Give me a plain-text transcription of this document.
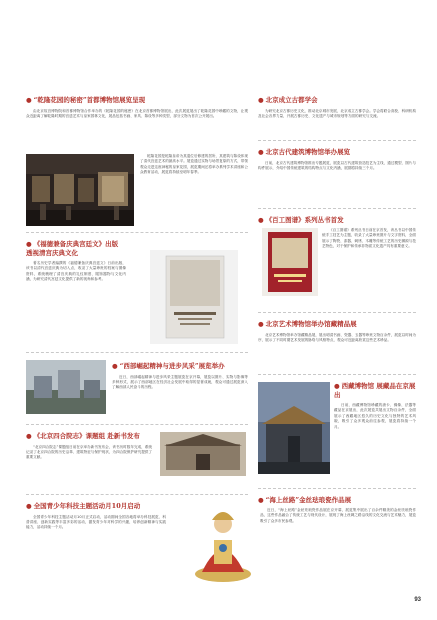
● “乾隆花园的秘密”首都博物馆展览呈现

由北京故宫博物院和首都博物馆合作举办的《乾隆花园的秘密》在北京首都博物馆展出，此次展览展出了乾隆花园中珍藏的文物，让观众近距离了解乾隆时期的宫廷艺术与皇家园林文化，展品包括书画、家具、陈设等多种类型，部分文物为首次公开展出。

乾隆花园是乾隆皇帝为其退位后修建的居所，其建筑与陈设体现了清代宫廷艺术的最高水平。展览通过实物与场景复原的方式，带领观众走进这座神秘的皇家花园，展览期间还将举办系列学术讲座和公众教育活动，展览将持续至明年春季。

● 《福德兼备庆典宫廷文》出版 透视清宫庆典文化

著名历史学者编撰的《福德兼备庆典宫廷文》日前出版，该书以清代宫廷庆典为切入点，收录了大量珍贵的档案与图像资料，系统梳理了清宫庆典的礼仪制度、服饰器物与文化内涵，为研究清代宫廷文化提供了新的视角和参考。

● “西部崛起精神与进步风采”展览举办

近日，西部崛起精神与进步风采主题展览在京开幕，展览以图片、实物与影像等多种形式，展示了西部地区在经济社会发展中取得的显著成就，观众可通过展览深入了解西部人民奋斗的历程。

● 《北京四合院志》课题组 赴新书发布

“北京四合院志”课题组日前在京举办新书发布会，该书历时数年完成，系统记录了北京四合院的历史沿革、建筑特征与保护现状，为四合院保护研究提供了重要文献。

● 全国青少年科技主题活动月10月启动

全国青少年科技主题活动月10月正式启动，活动期间全国各地将举办科技展览、科普讲座、创新实践等丰富多彩的活动，激发青少年对科学的兴趣，培养创新精神与实践能力，活动持续一个月。

● 北京成立古都学会

为研究北京古都历史文化，推动北京城市发展，北京成立古都学会。学会将联合高校、科研机构及社会各界力量，开展古都历史、文化遗产与城市规划等方面的研究与交流。

● 北京古代建筑博物馆举办展览

日前，北京古代建筑博物馆推出专题展览，展览以古代建筑营造技艺为主线，通过模型、图片与构件展示，介绍中国传统建筑的结构特点与文化内涵，展期将持续三个月。

● 《百工图谱》系列丛书首发

《百工图谱》系列丛书日前在京首发，该丛书以中国传统手工技艺为主题，收录了大量珍贵图片与文字资料，全面展示了陶瓷、漆器、刺绣、木雕等传统工艺的历史渊源与技艺特色，对于保护和传承非物质文化遗产具有重要意义。

● 北京艺术博物馆举办馆藏精品展

北京艺术博物馆举办馆藏精品展，展出明清书画、瓷器、玉器等珍贵文物百余件，展览以时间为序，展示了不同时期艺术发展的脉络与风格特点，观众可近距离欣赏这些艺术珍品。

● 西藏博物馆 展藏品在京展出

日前，西藏博物馆珍藏的唐卡、佛像、法器等藏品在京展出，此次展览共展出文物百余件，全面展示了西藏地区悠久的历史文化与独特的艺术风貌，吸引了众多观众前往参观，展览将持续一个月。

● “海上丝路”金丝珐琅瓷作品展

近日，“海上丝路”金丝珐琅瓷作品展在京开幕，展览集中展出了百余件精美的金丝珐琅瓷作品，这些作品融合了传统工艺与现代设计，展现了海上丝绸之路沿线的文化交流与艺术魅力，展览吸引了众多市民参观。

93
